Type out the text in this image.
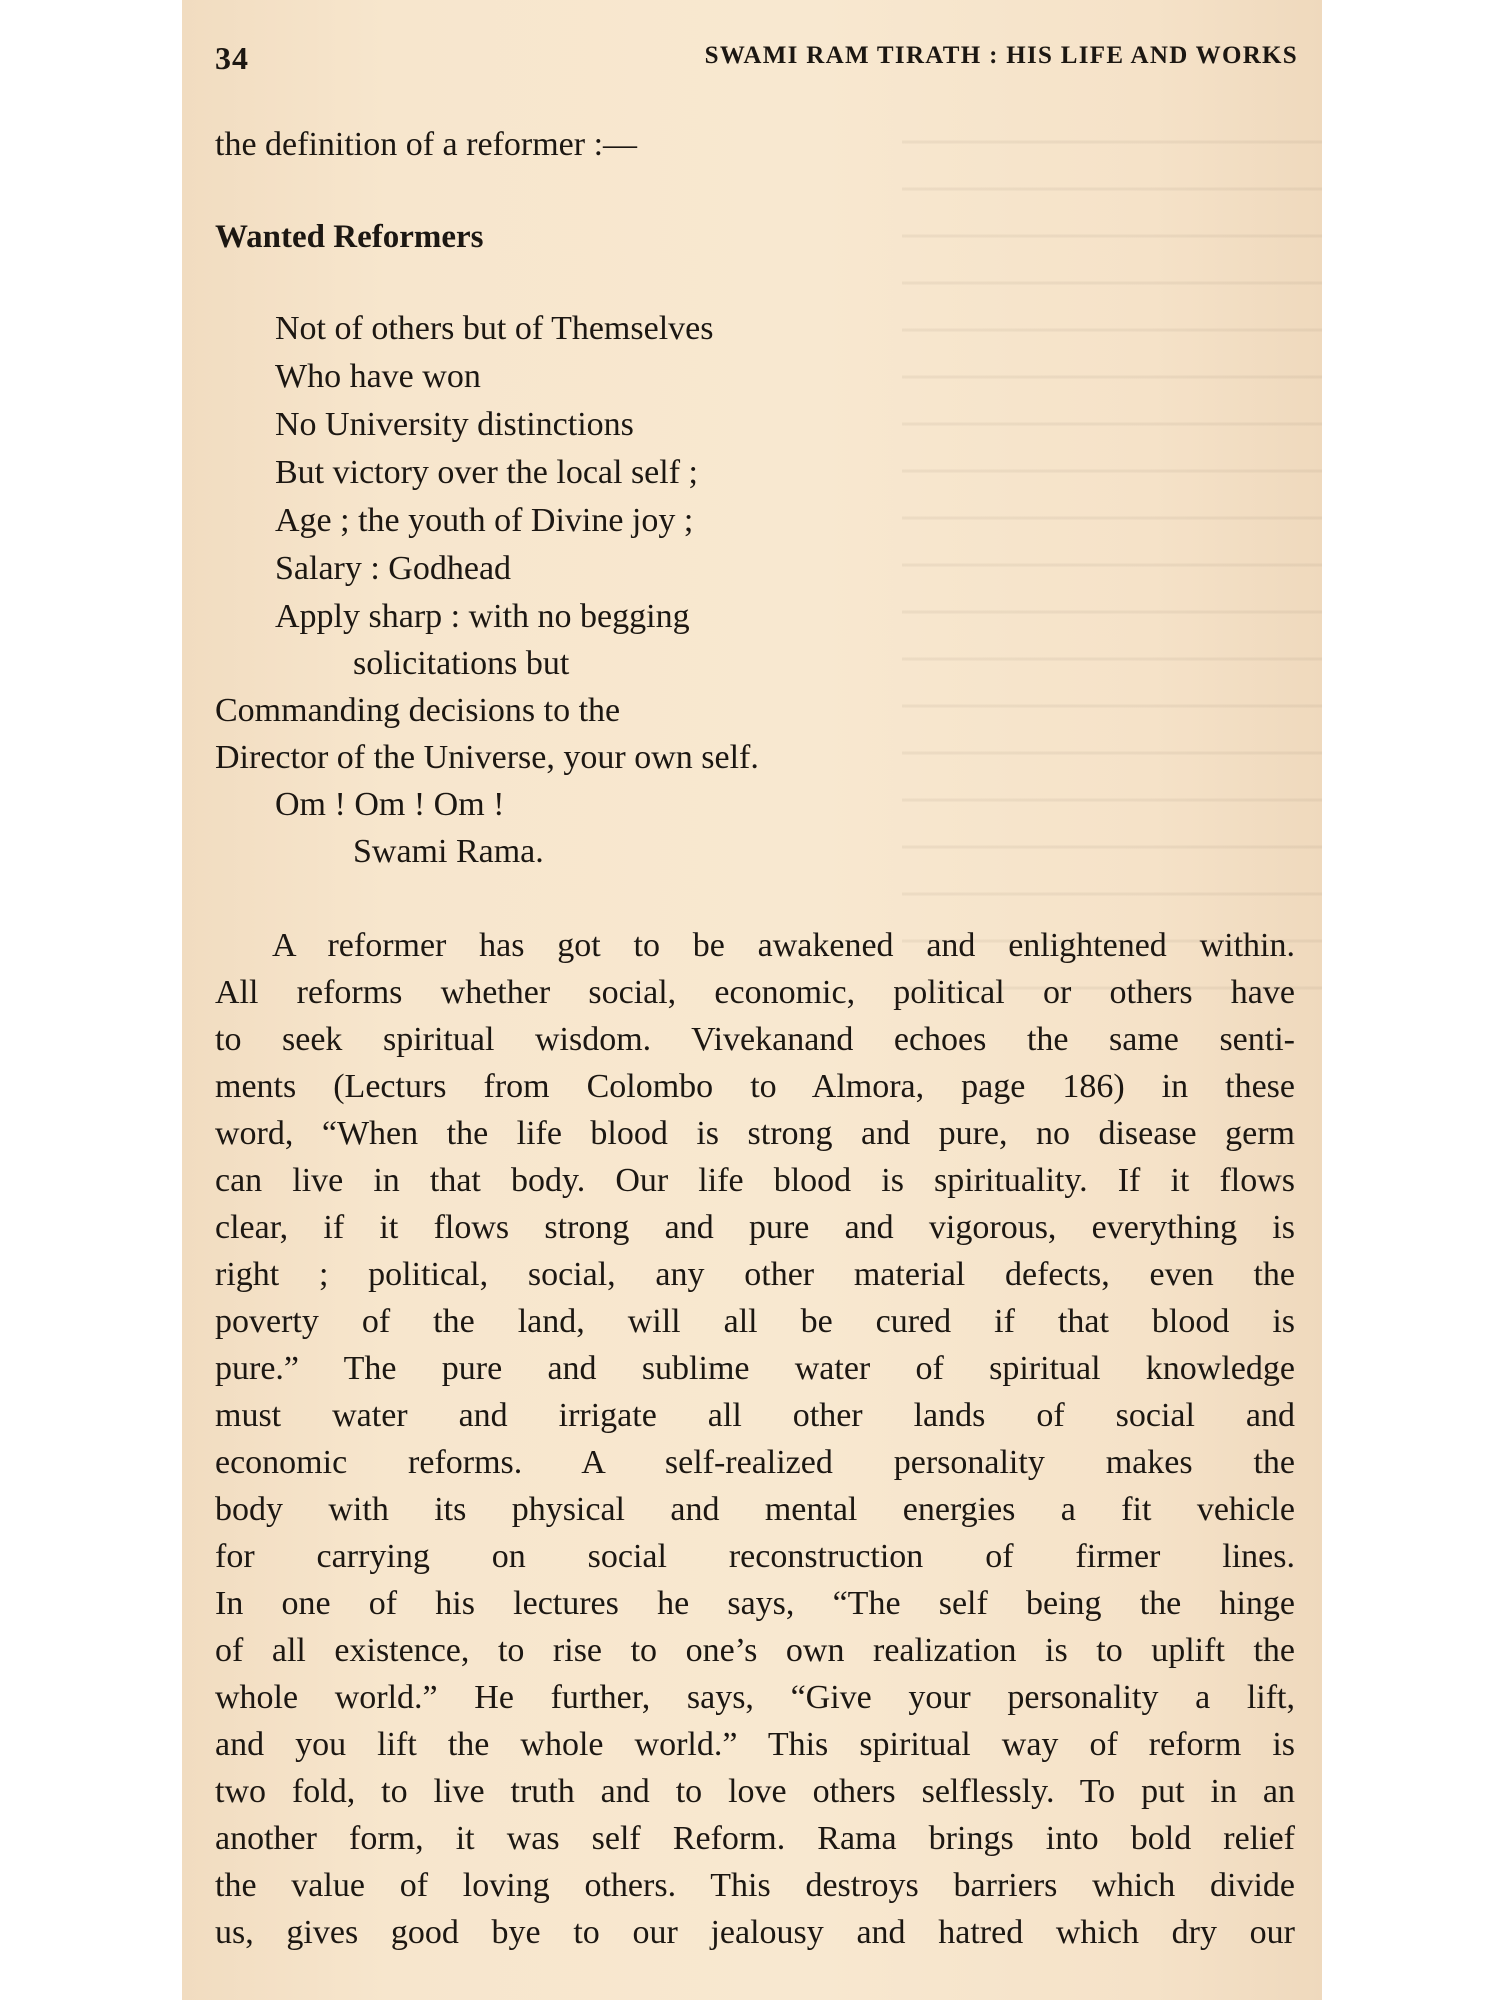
34	SWAMI RAM TIRATH : HIS LIFE AND WORKS
the definition of a reformer :—
Wanted Reformers
Not of others but of Themselves
Who have won
No University distinctions
But victory over the local self ;
Age ; the youth of Divine joy ;
Salary : Godhead
Apply sharp : with no begging
solicitations but
Commanding decisions to the
Director of the Universe, your own self.
Om ! Om ! Om !
Swami Rama.
A reformer has got to be awakened and enlightened within.
All reforms whether social, economic, political or others have
to seek spiritual wisdom. Vivekanand echoes the same senti-
ments (Lecturs from Colombo to Almora, page 186) in these
word, “When the life blood is strong and pure, no disease germ
can live in that body. Our life blood is spirituality. If it flows
clear, if it flows strong and pure and vigorous, everything is
right ; political, social, any other material defects, even the
poverty of the land, will all be cured if that blood is
pure.” The pure and sublime water of spiritual knowledge
must water and irrigate all other lands of social and
economic reforms. A self-realized personality makes the
body with its physical and mental energies a fit vehicle
for carrying on social reconstruction of firmer lines.
In one of his lectures he says, “The self being the hinge
of all existence, to rise to one’s own realization is to uplift the
whole world.” He further, says, “Give your personality a lift,
and you lift the whole world.” This spiritual way of reform is
two fold, to live truth and to love others selflessly. To put in an
another form, it was self Reform. Rama brings into bold relief
the value of loving others. This destroys barriers which divide
us, gives good bye to our jealousy and hatred which dry our
